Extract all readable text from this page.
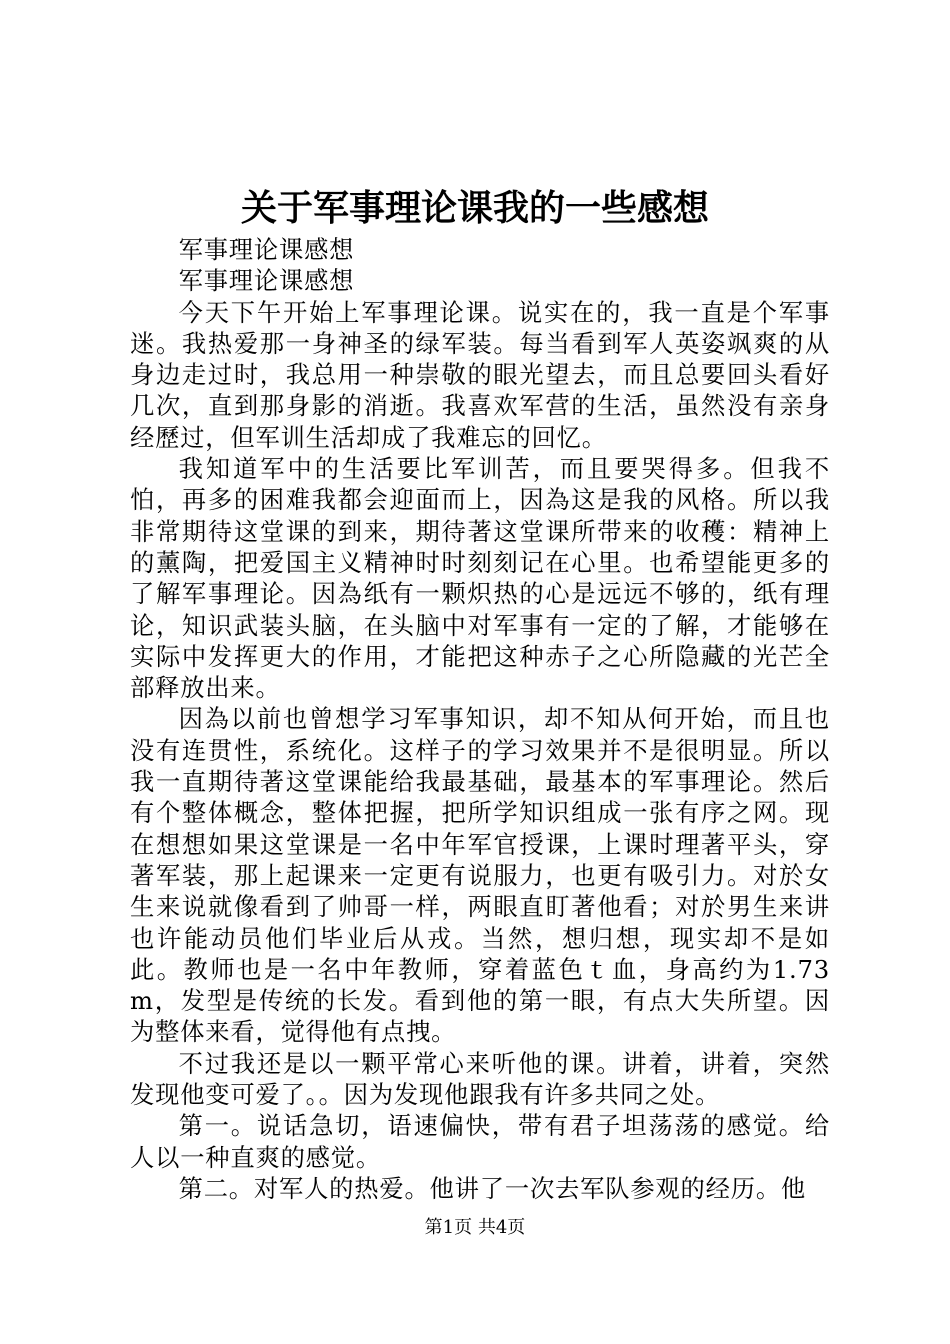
关于军事理论课我的一些感想

军事理论课感想

军事理论课感想

今天下午开始上军事理论课。说实在的，我一直是个军事迷。我热爱那一身神圣的绿军装。每当看到军人英姿飒爽的从身边走过时，我总用一种崇敬的眼光望去，而且总要回头看好几次，直到那身影的消逝。我喜欢军营的生活，虽然没有亲身经歷过，但军训生活却成了我难忘的回忆。

我知道军中的生活要比军训苦，而且要哭得多。但我不怕，再多的困难我都会迎面而上，因為这是我的风格。所以我非常期待这堂课的到来，期待著这堂课所带来的收穫：精神上的薰陶，把爱国主义精神时时刻刻记在心里。也希望能更多的了解军事理论。因為纸有一颗炽热的心是远远不够的，纸有理论，知识武装头脑，在头脑中对军事有一定的了解，才能够在实际中发挥更大的作用，才能把这种赤子之心所隐藏的光芒全部释放出来。

因為以前也曾想学习军事知识，却不知从何开始，而且也没有连贯性，系统化。这样子的学习效果并不是很明显。所以我一直期待著这堂课能给我最基础，最基本的军事理论。然后有个整体概念，整体把握，把所学知识组成一张有序之网。现在想想如果这堂课是一名中年军官授课，上课时理著平头，穿著军装，那上起课来一定更有说服力，也更有吸引力。对於女生来说就像看到了帅哥一样，两眼直盯著他看；对於男生来讲也许能动员他们毕业后从戎。当然，想归想，现实却不是如此。教师也是一名中年教师，穿着蓝色ｔ血，身高约为1.73m，发型是传统的长发。看到他的第一眼，有点大失所望。因为整体来看，觉得他有点拽。

不过我还是以一颗平常心来听他的课。讲着，讲着，突然发现他变可爱了。。因为发现他跟我有许多共同之处。

第一。说话急切，语速偏快，带有君子坦荡荡的感觉。给人以一种直爽的感觉。

第二。对军人的热爱。他讲了一次去军队参观的经历。他

第1页 共4页
